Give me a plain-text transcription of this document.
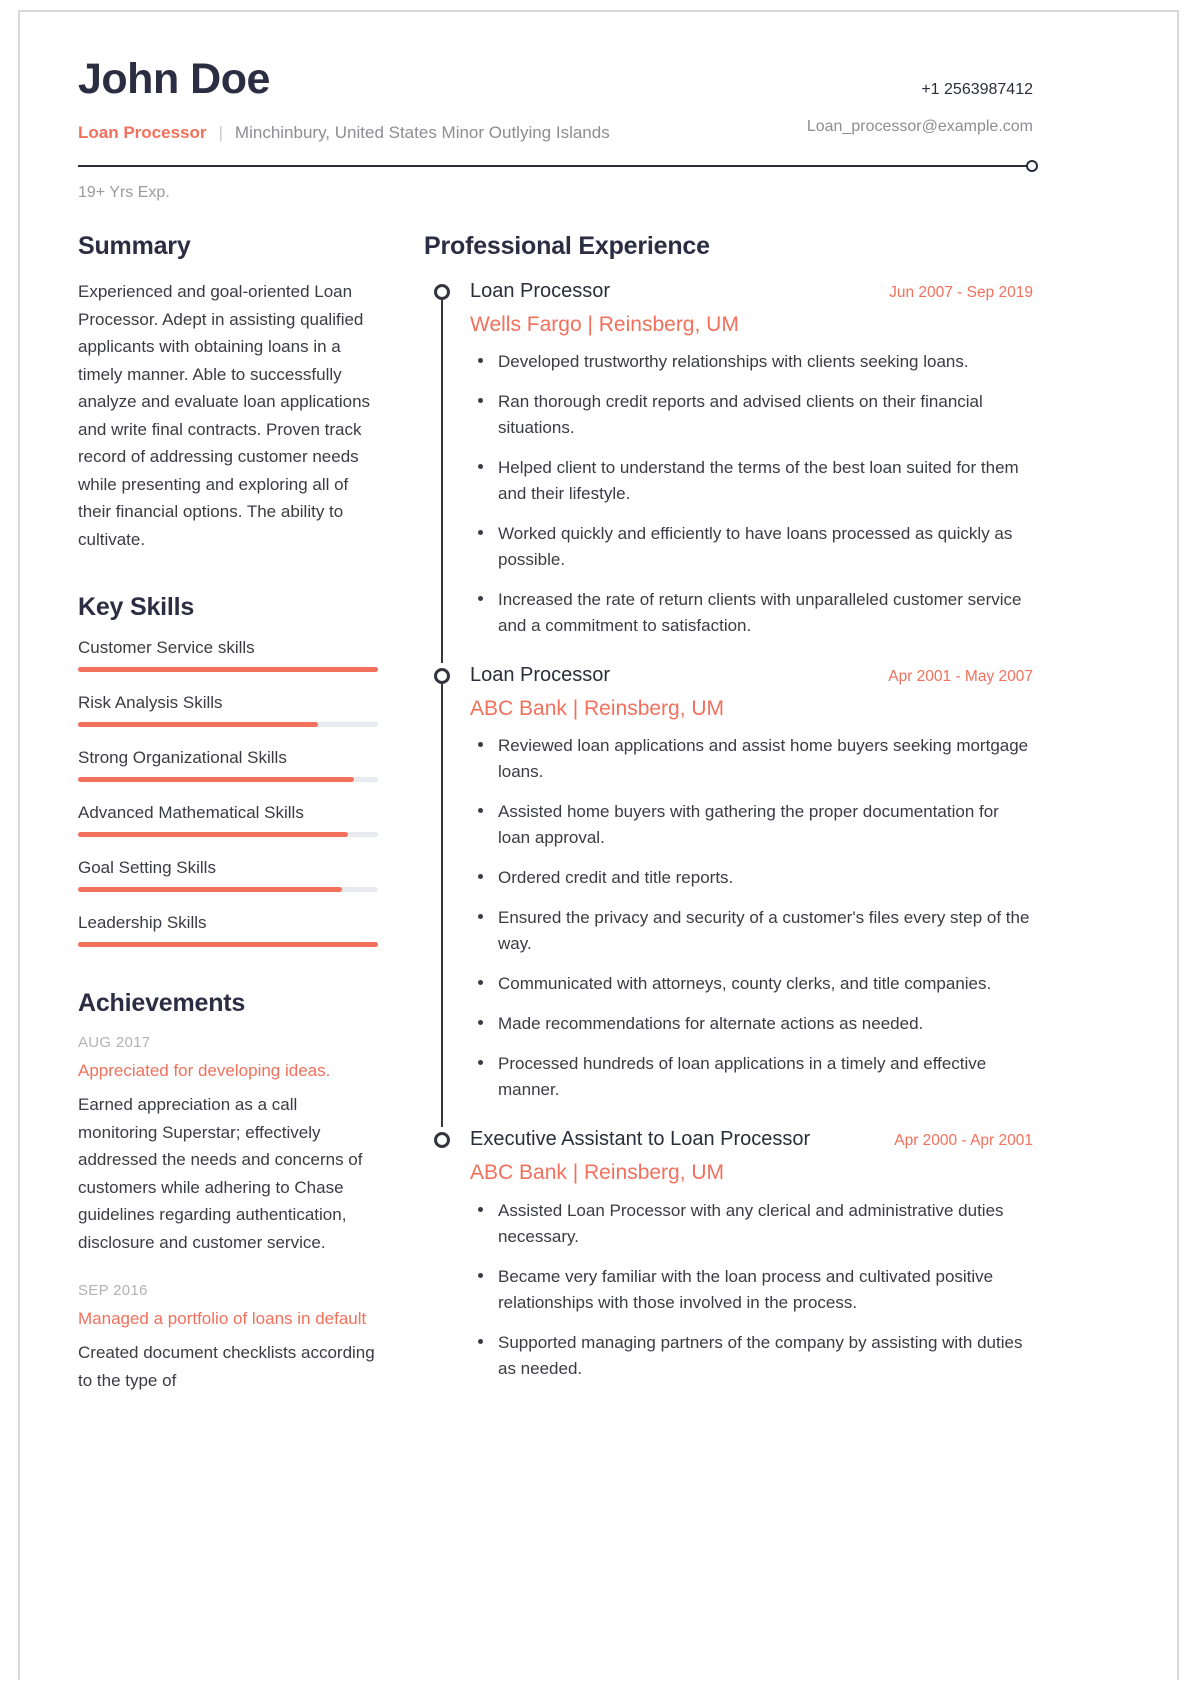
John Doe
Loan Processor | Minchinbury, United States Minor Outlying Islands
+1 2563987412
Loan_processor@example.com
19+ Yrs Exp.
Summary

Experienced and goal-oriented Loan Processor. Adept in assisting qualified applicants with obtaining loans in a timely manner. Able to successfully analyze and evaluate loan applications and write final contracts. Proven track record of addressing customer needs while presenting and exploring all of their financial options. The ability to cultivate.

Key Skills
Customer Service skills
Risk Analysis Skills
Strong Organizational Skills
Advanced Mathematical Skills
Goal Setting Skills
Leadership Skills
Achievements
AUG 2017
Appreciated for developing ideas.
Earned appreciation as a call monitoring Superstar; effectively addressed the needs and concerns of customers while adhering to Chase guidelines regarding authentication, disclosure and customer service.
SEP 2016
Managed a portfolio of loans in default
Created document checklists according to the type of
Professional Experience
Loan Processor	Jun 2007 - Sep 2019
Wells Fargo | Reinsberg, UM
Developed trustworthy relationships with clients seeking loans.
Ran thorough credit reports and advised clients on their financial situations.
Helped client to understand the terms of the best loan suited for them and their lifestyle.
Worked quickly and efficiently to have loans processed as quickly as possible.
Increased the rate of return clients with unparalleled customer service and a commitment to satisfaction.
Loan Processor	Apr 2001 - May 2007
ABC Bank | Reinsberg, UM
Reviewed loan applications and assist home buyers seeking mortgage loans.
Assisted home buyers with gathering the proper documentation for loan approval.
Ordered credit and title reports.
Ensured the privacy and security of a customer's files every step of the way.
Communicated with attorneys, county clerks, and title companies.
Made recommendations for alternate actions as needed.
Processed hundreds of loan applications in a timely and effective manner.
Executive Assistant to Loan Processor	Apr 2000 - Apr 2001
ABC Bank | Reinsberg, UM
Assisted Loan Processor with any clerical and administrative duties necessary.
Became very familiar with the loan process and cultivated positive relationships with those involved in the process.
Supported managing partners of the company by assisting with duties as needed.
